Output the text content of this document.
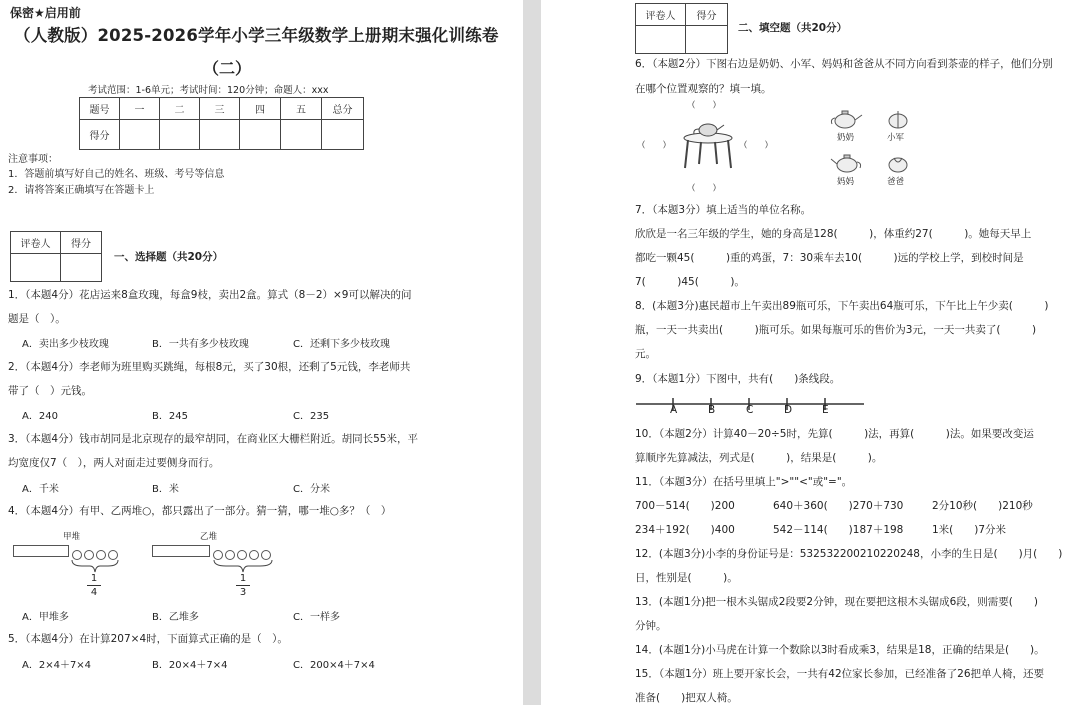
保密★启用前
（人教版）2025-2026学年小学三年级数学上册期末强化训练卷
（二）
考试范围：1-6单元；考试时间：120分钟；命题人：xxx
题号	一	二	三	四	五	总分
得分						
注意事项：
1．答题前填写好自己的姓名、班级、考号等信息
2．请将答案正确填写在答题卡上
评卷人	得分

一、选择题（共20分）
1．（本题4分）花店运来8盒玫瑰，每盒9枝，卖出2盒。算式（8－2）×9可以解决的问
题是（　）。
A．卖出多少枝玫瑰	B．一共有多少枝玫瑰	C．还剩下多少枝玫瑰
2．（本题4分）李老师为班里购买跳绳，每根8元，买了30根，还剩了5元钱，李老师共
带了（　）元钱。
A．240	B．245	C．235
3．（本题4分）钱市胡同是北京现存的最窄胡同，在商业区大栅栏附近。胡同长55米，平
均宽度仅7（　），两人对面走过要侧身而行。
A．千米	B．米	C．分米
4．（本题4分）有甲、乙两堆○，都只露出了一部分。猜一猜，哪一堆○多？（　）
甲堆
1
4
乙堆
1
3
A．甲堆多	B．乙堆多	C．一样多
5．（本题4分）在计算207×4时，下面算式正确的是（　）。
A．2×4＋7×4	B．20×4＋7×4	C．200×4＋7×4
评卷人	得分

二、填空题（共20分）
6．（本题2分）下图右边是奶奶、小军、妈妈和爸爸从不同方向看到茶壶的样子，他们分别
在哪个位置观察的？填一填。
（　　）
（　　）	（　　）
（　　）
奶奶	小军
妈妈	爸爸
7．（本题3分）填上适当的单位名称。
欣欣是一名三年级的学生，她的身高是128(　　　)，体重约27(　　　)。她每天早上
都吃一颗45(　　　)重的鸡蛋，7：30乘车去10(　　　)远的学校上学，到校时间是
7(　　　)45(　　　)。
8．(本题3分)惠民超市上午卖出89瓶可乐，下午卖出64瓶可乐，下午比上午少卖(　　　)
瓶，一天一共卖出(　　　)瓶可乐。如果每瓶可乐的售价为3元，一天一共卖了(　　　)
元。
9．（本题1分）下图中，共有(　　)条线段。
A	B	C	D	E
10．（本题2分）计算40－20÷5时，先算(　　　)法，再算(　　　)法。如果要改变运
算顺序先算减法，列式是(　　　)，结果是(　　　)。
11．（本题3分）在括号里填上">""<"或"="。
700－514(　　)200	640＋360(　　)270＋730	2分10秒(　　)210秒
234＋192(　　)400	542－114(　　)187＋198	1米(　　)7分米
12．(本题3分)小李的身份证号是：532532200210220248，小李的生日是(　　)月(　　)
日，性别是(　　　)。
13．(本题1分)把一根木头锯成2段要2分钟，现在要把这根木头锯成6段，则需要(　　)
分钟。
14．(本题1分)小马虎在计算一个数除以3时看成乘3，结果是18，正确的结果是(　　)。
15．（本题1分）班上要开家长会，一共有42位家长参加，已经准备了26把单人椅，还要
准备(　　)把双人椅。
